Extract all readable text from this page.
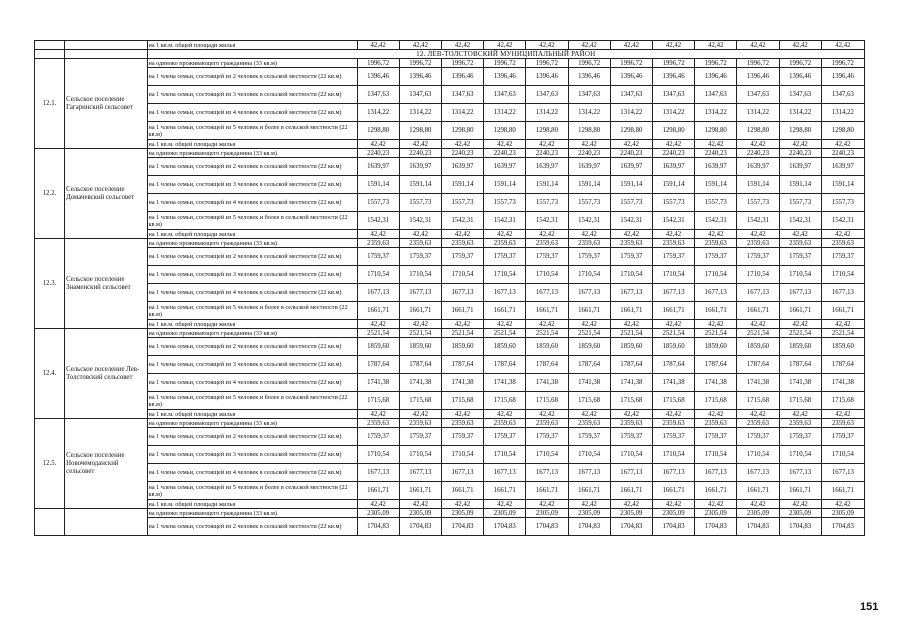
		на 1 кв.м. общей площади жилья	42,42	42,42	42,42	42,42	42,42	42,42	42,42	42,42	42,42	42,42	42,42	42,42
		12. ЛЕВ-ТОЛСТОВСКИЙ МУНИЦИПАЛЬНЫЙ РАЙОН												
12.1.	Сельское поселение Гагаринский сельсовет	на одиноко проживающего гражданина (33 кв.м)	1996,72	1996,72	1996,72	1996,72	1996,72	1996,72	1996,72	1996,72	1996,72	1996,72	1996,72	1996,72
		на 1 члена семьи, состоящей из 2 человек в сельской местности (22 кв.м)	1396,46	1396,46	1396,46	1396,46	1396,46	1396,46	1396,46	1396,46	1396,46	1396,46	1396,46	1396,46
		на 1 члена семьи, состоящей из 3 человек в сельской местности (22 кв.м)	1347,63	1347,63	1347,63	1347,63	1347,63	1347,63	1347,63	1347,63	1347,63	1347,63	1347,63	1347,63
		на 1 члена семьи, состоящей из 4 человек в сельской местности (22 кв.м)	1314,22	1314,22	1314,22	1314,22	1314,22	1314,22	1314,22	1314,22	1314,22	1314,22	1314,22	1314,22
		на 1 члена семьи, состоящей из 5 человек и более в сельской местности (22 кв.м)	1298,80	1298,80	1298,80	1298,80	1298,80	1298,80	1298,80	1298,80	1298,80	1298,80	1298,80	1298,80
		на 1 кв.м. общей площади жилья	42,42	42,42	42,42	42,42	42,42	42,42	42,42	42,42	42,42	42,42	42,42	42,42
12.2.	Сельское поселение Домачевский сельсовет	на одиноко проживающего гражданина (33 кв.м)	2240,23	2240,23	2240,23	2240,23	2240,23	2240,23	2240,23	2240,23	2240,23	2240,23	2240,23	2240,23
		на 1 члена семьи, состоящей из 2 человек в сельской местности (22 кв.м)	1639,97	1639,97	1639,97	1639,97	1639,97	1639,97	1639,97	1639,97	1639,97	1639,97	1639,97	1639,97
		на 1 члена семьи, состоящей из 3 человек в сельской местности (22 кв.м)	1591,14	1591,14	1591,14	1591,14	1591,14	1591,14	1591,14	1591,14	1591,14	1591,14	1591,14	1591,14
		на 1 члена семьи, состоящей из 4 человек в сельской местности (22 кв.м)	1557,73	1557,73	1557,73	1557,73	1557,73	1557,73	1557,73	1557,73	1557,73	1557,73	1557,73	1557,73
		на 1 члена семьи, состоящей из 5 человек и более в сельской местности (22 кв.м)	1542,31	1542,31	1542,31	1542,31	1542,31	1542,31	1542,31	1542,31	1542,31	1542,31	1542,31	1542,31
		на 1 кв.м. общей площади жилья	42,42	42,42	42,42	42,42	42,42	42,42	42,42	42,42	42,42	42,42	42,42	42,42
12.3.	Сельское поселение Знаменский сельсовет	на одиноко проживающего гражданина (33 кв.м)	2359,63	2359,63	2359,63	2359,63	2359,63	2359,63	2359,63	2359,63	2359,63	2359,63	2359,63	2359,63
		на 1 члена семьи, состоящей из 2 человек в сельской местности (22 кв.м)	1759,37	1759,37	1759,37	1759,37	1759,37	1759,37	1759,37	1759,37	1759,37	1759,37	1759,37	1759,37
		на 1 члена семьи, состоящей из 3 человек в сельской местности (22 кв.м)	1710,54	1710,54	1710,54	1710,54	1710,54	1710,54	1710,54	1710,54	1710,54	1710,54	1710,54	1710,54
		на 1 члена семьи, состоящей из 4 человек в сельской местности (22 кв.м)	1677,13	1677,13	1677,13	1677,13	1677,13	1677,13	1677,13	1677,13	1677,13	1677,13	1677,13	1677,13
		на 1 члена семьи, состоящей из 5 человек и более в сельской местности (22 кв.м)	1661,71	1661,71	1661,71	1661,71	1661,71	1661,71	1661,71	1661,71	1661,71	1661,71	1661,71	1661,71
		на 1 кв.м. общей площади жилья	42,42	42,42	42,42	42,42	42,42	42,42	42,42	42,42	42,42	42,42	42,42	42,42
12.4.	Сельское поселение Лев-Толстовский сельсовет	на одиноко проживающего гражданина (33 кв.м)	2521,54	2521,54	2521,54	2521,54	2521,54	2521,54	2521,54	2521,54	2521,54	2521,54	2521,54	2521,54
		на 1 члена семьи, состоящей из 2 человек в сельской местности (22 кв.м)	1859,60	1859,60	1859,60	1859,60	1859,60	1859,60	1859,60	1859,60	1859,60	1859,60	1859,60	1859,60
		на 1 члена семьи, состоящей из 3 человек в сельской местности (22 кв.м)	1787,64	1787,64	1787,64	1787,64	1787,64	1787,64	1787,64	1787,64	1787,64	1787,64	1787,64	1787,64
		на 1 члена семьи, состоящей из 4 человек в сельской местности (22 кв.м)	1741,38	1741,38	1741,38	1741,38	1741,38	1741,38	1741,38	1741,38	1741,38	1741,38	1741,38	1741,38
		на 1 члена семьи, состоящей из 5 человек и более в сельской местности (22 кв.м)	1715,68	1715,68	1715,68	1715,68	1715,68	1715,68	1715,68	1715,68	1715,68	1715,68	1715,68	1715,68
		на 1 кв.м. общей площади жилья	42,42	42,42	42,42	42,42	42,42	42,42	42,42	42,42	42,42	42,42	42,42	42,42
12.5.	Сельское поселение Новочемоданский сельсовет	на одиноко проживающего гражданина (33 кв.м)	2359,63	2359,63	2359,63	2359,63	2359,63	2359,63	2359,63	2359,63	2359,63	2359,63	2359,63	2359,63
		на 1 члена семьи, состоящей из 2 человек в сельской местности (22 кв.м)	1759,37	1759,37	1759,37	1759,37	1759,37	1759,37	1759,37	1759,37	1759,37	1759,37	1759,37	1759,37
		на 1 члена семьи, состоящей из 3 человек в сельской местности (22 кв.м)	1710,54	1710,54	1710,54	1710,54	1710,54	1710,54	1710,54	1710,54	1710,54	1710,54	1710,54	1710,54
		на 1 члена семьи, состоящей из 4 человек в сельской местности (22 кв.м)	1677,13	1677,13	1677,13	1677,13	1677,13	1677,13	1677,13	1677,13	1677,13	1677,13	1677,13	1677,13
		на 1 члена семьи, состоящей из 5 человек и более в сельской местности (22 кв.м)	1661,71	1661,71	1661,71	1661,71	1661,71	1661,71	1661,71	1661,71	1661,71	1661,71	1661,71	1661,71
		на 1 кв.м. общей площади жилья	42,42	42,42	42,42	42,42	42,42	42,42	42,42	42,42	42,42	42,42	42,42	42,42
		на одиноко проживающего гражданина (33 кв.м)	2305,09	2305,09	2305,09	2305,09	2305,09	2305,09	2305,09	2305,09	2305,09	2305,09	2305,09	2305,09
		на 1 члена семьи, состоящей из 2 человек в сельской местности (22 кв.м)	1704,83	1704,83	1704,83	1704,83	1704,83	1704,83	1704,83	1704,83	1704,83	1704,83	1704,83	1704,83
151
